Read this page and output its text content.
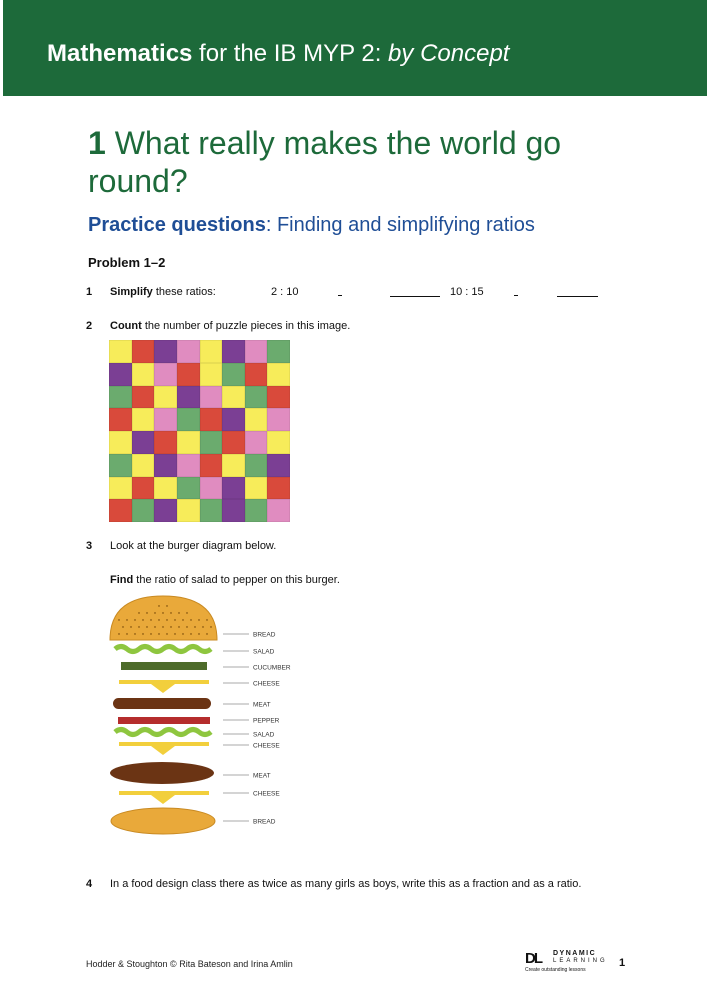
Mathematics for the IB MYP 2: by Concept
1 What really makes the world go round?
Practice questions: Finding and simplifying ratios
Problem 1–2
1 Simplify these ratios:	2 : 10	10 : 15
2 Count the number of puzzle pieces in this image.
3 Look at the burger diagram below.
Find the ratio of salad to pepper on this burger.
BREAD
SALAD
CUCUMBER
CHEESE
MEAT
PEPPER
SALAD
CHEESE
MEAT
CHEESE
BREAD
4 In a food design class there as twice as many girls as boys, write this as a fraction and as a ratio.
Hodder & Stoughton © Rita Bateson and Irina Amlin	DL DYNAMIC
LEARNING
Create outstanding lessons
1
